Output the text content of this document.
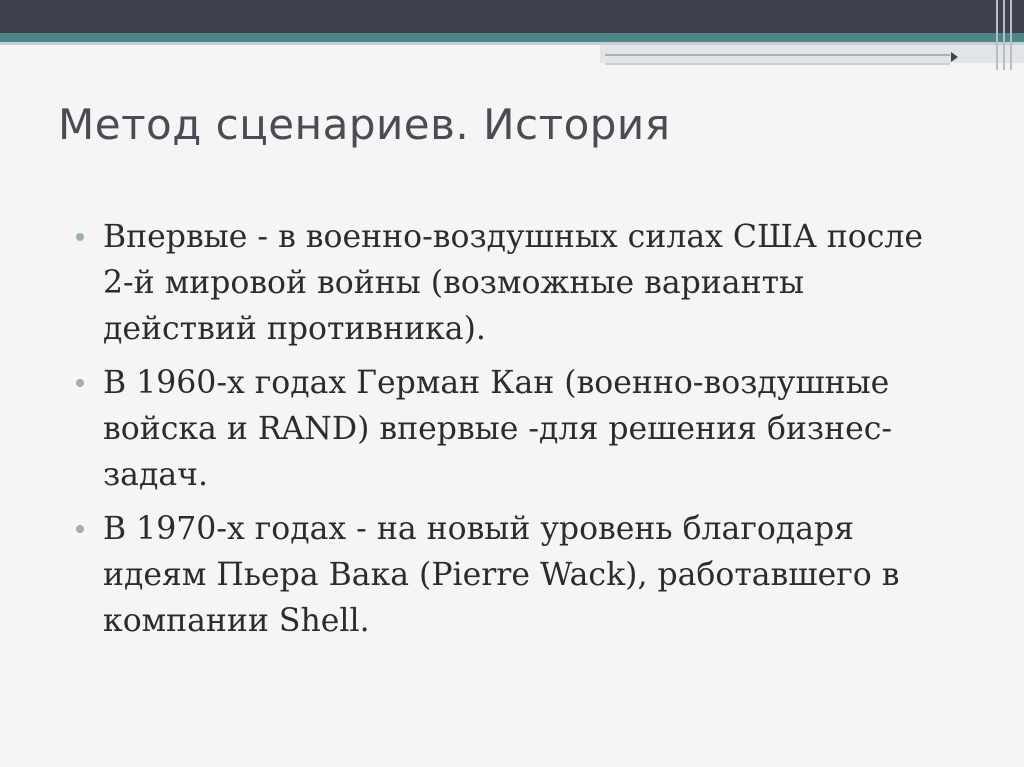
Метод сценариев. История
Впервые - в военно-воздушных силах США после 2-й мировой войны (возможные варианты действий противника).
В 1960-х годах Герман Кан (военно-воздушные войска и RAND) впервые -для решения бизнес-задач.
В 1970-х годах - на новый уровень благодаря идеям Пьера Вака (Pierre Wack), работавшего в компании Shell.
